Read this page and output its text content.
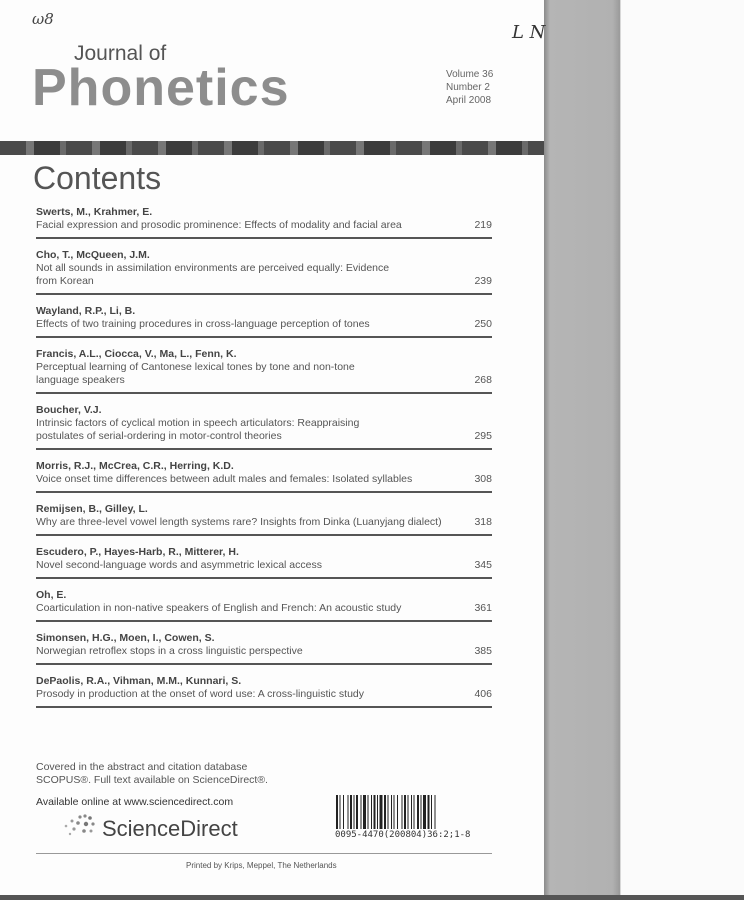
ω8
Journal of
Phonetics	Volume 36
Number 2
April 2008
Contents
Swerts, M., Krahmer, E.
Facial expression and prosodic prominence: Effects of modality and facial area	219
Cho, T., McQueen, J.M.
Not all sounds in assimilation environments are perceived equally: Evidence
from Korean	239
Wayland, R.P., Li, B.
Effects of two training procedures in cross-language perception of tones	250
Francis, A.L., Ciocca, V., Ma, L., Fenn, K.
Perceptual learning of Cantonese lexical tones by tone and non-tone
language speakers	268
Boucher, V.J.
Intrinsic factors of cyclical motion in speech articulators: Reappraising
postulates of serial-ordering in motor-control theories	295
Morris, R.J., McCrea, C.R., Herring, K.D.
Voice onset time differences between adult males and females: Isolated syllables	308
Remijsen, B., Gilley, L.
Why are three-level vowel length systems rare? Insights from Dinka (Luanyjang dialect)	318
Escudero, P., Hayes-Harb, R., Mitterer, H.
Novel second-language words and asymmetric lexical access	345
Oh, E.
Coarticulation in non-native speakers of English and French: An acoustic study	361
Simonsen, H.G., Moen, I., Cowen, S.
Norwegian retroflex stops in a cross linguistic perspective	385
DePaolis, R.A., Vihman, M.M., Kunnari, S.
Prosody in production at the onset of word use: A cross-linguistic study	406
Covered in the abstract and citation database
SCOPUS®. Full text available on ScienceDirect®.
Available online at www.sciencedirect.com
ScienceDirect	0095-4470(200804)36:2;1-8
Printed by Krips, Meppel, The Netherlands
L N
